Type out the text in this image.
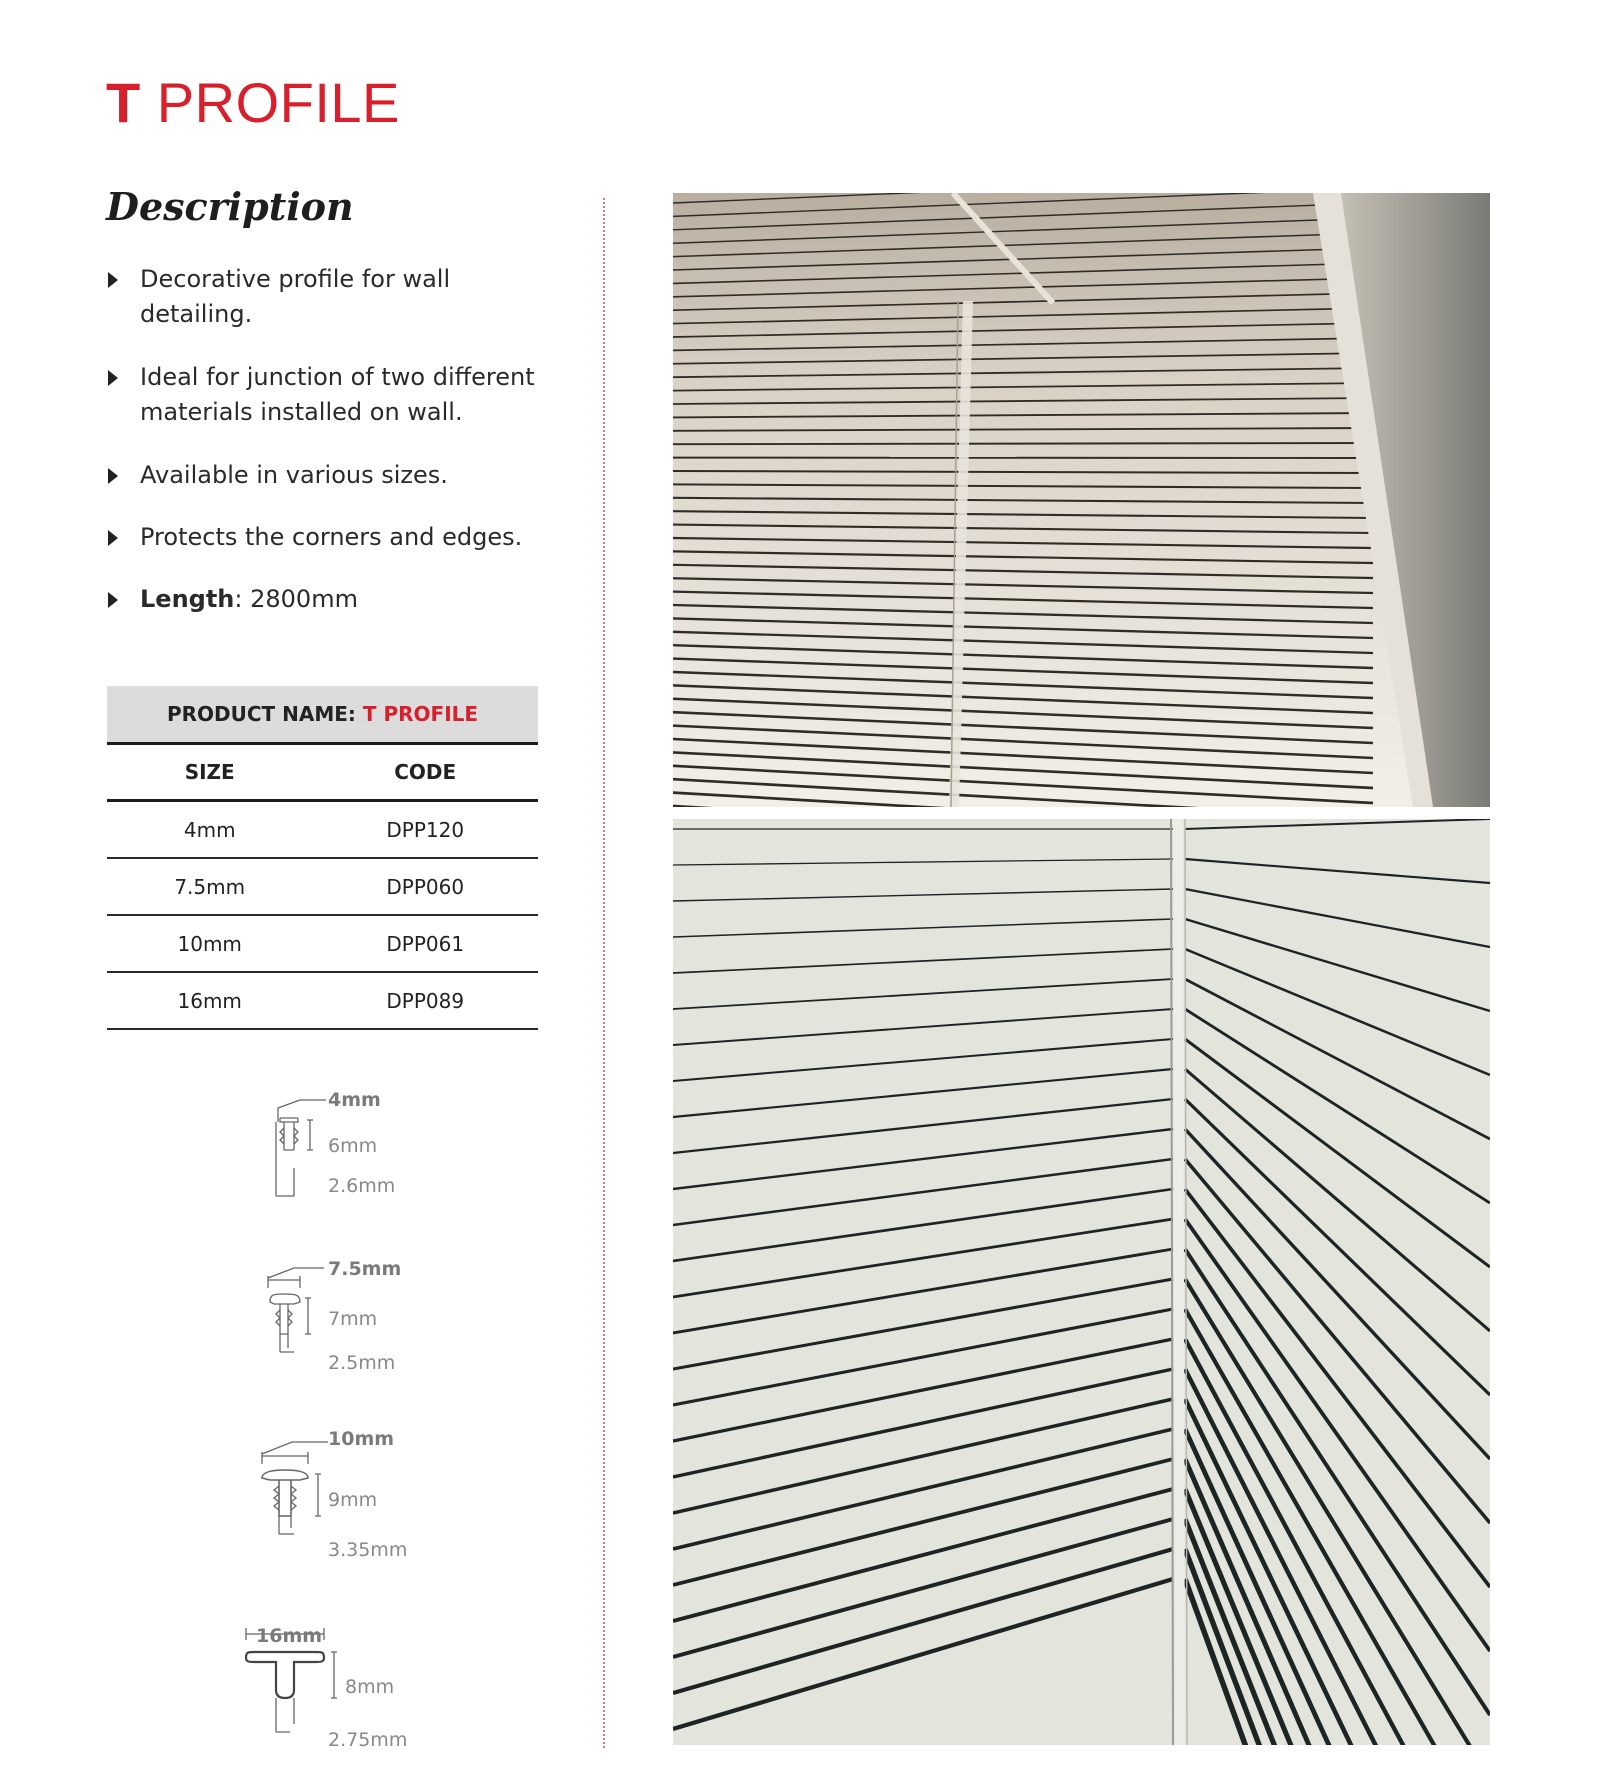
T PROFILE
Description
Decorative profile for wall detailing.
Ideal for junction of two different materials installed on wall.
Available in various sizes.
Protects the corners and edges.
Length: 2800mm
PRODUCT NAME: T PROFILE	
SIZE	CODE
4mm	DPP120
7.5mm	DPP060
10mm	DPP061
16mm	DPP089
4mm
6mm
2.6mm
7.5mm
7mm
2.5mm
10mm
9mm
3.35mm
16mm
8mm
2.75mm
